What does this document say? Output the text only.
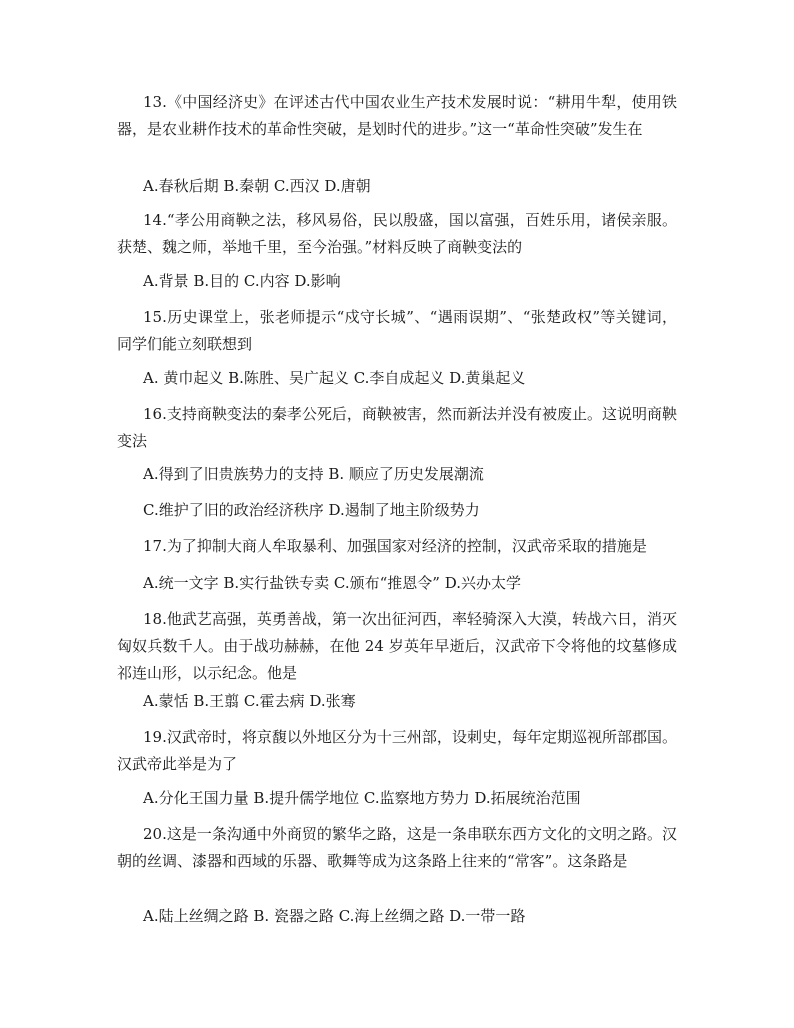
13.《中国经济史》在评述古代中国农业生产技术发展时说：“耕用牛犁，使用铁器，是农业耕作技术的革命性突破，是划时代的进步。”这一“革命性突破”发生在
A.春秋后期 B.秦朝 C.西汉 D.唐朝
14.“孝公用商鞅之法，移风易俗，民以殷盛，国以富强，百姓乐用，诸侯亲服。获楚、魏之师，举地千里，至今治强。”材料反映了商鞅变法的
A.背景 B.目的 C.内容 D.影响
15.历史课堂上，张老师提示“戍守长城”、“遇雨误期”、“张楚政权”等关键词，同学们能立刻联想到
A. 黄巾起义 B.陈胜、吴广起义 C.李自成起义 D.黄巢起义
16.支持商鞅变法的秦孝公死后，商鞅被害，然而新法并没有被废止。这说明商鞅变法
A.得到了旧贵族势力的支持 B. 顺应了历史发展潮流
C.维护了旧的政治经济秩序 D.遏制了地主阶级势力
17.为了抑制大商人牟取暴利、加强国家对经济的控制，汉武帝采取的措施是
A.统一文字 B.实行盐铁专卖 C.颁布“推恩令” D.兴办太学
18.他武艺高强，英勇善战，第一次出征河西，率轻骑深入大漠，转战六日，消灭匈奴兵数千人。由于战功赫赫，在他 24 岁英年早逝后，汉武帝下令将他的坟墓修成祁连山形，以示纪念。他是
A.蒙恬 B.王翦 C.霍去病 D.张骞
19.汉武帝时，将京馥以外地区分为十三州部，设刺史，每年定期巡视所部郡国。汉武帝此举是为了
A.分化王国力量 B.提升儒学地位 C.监察地方势力 D.拓展统治范围
20.这是一条沟通中外商贸的繁华之路，这是一条串联东西方文化的文明之路。汉朝的丝调、漆器和西域的乐器、歌舞等成为这条路上往来的“常客”。这条路是
A.陆上丝绸之路 B. 瓷器之路 C.海上丝绸之路 D.一带一路
